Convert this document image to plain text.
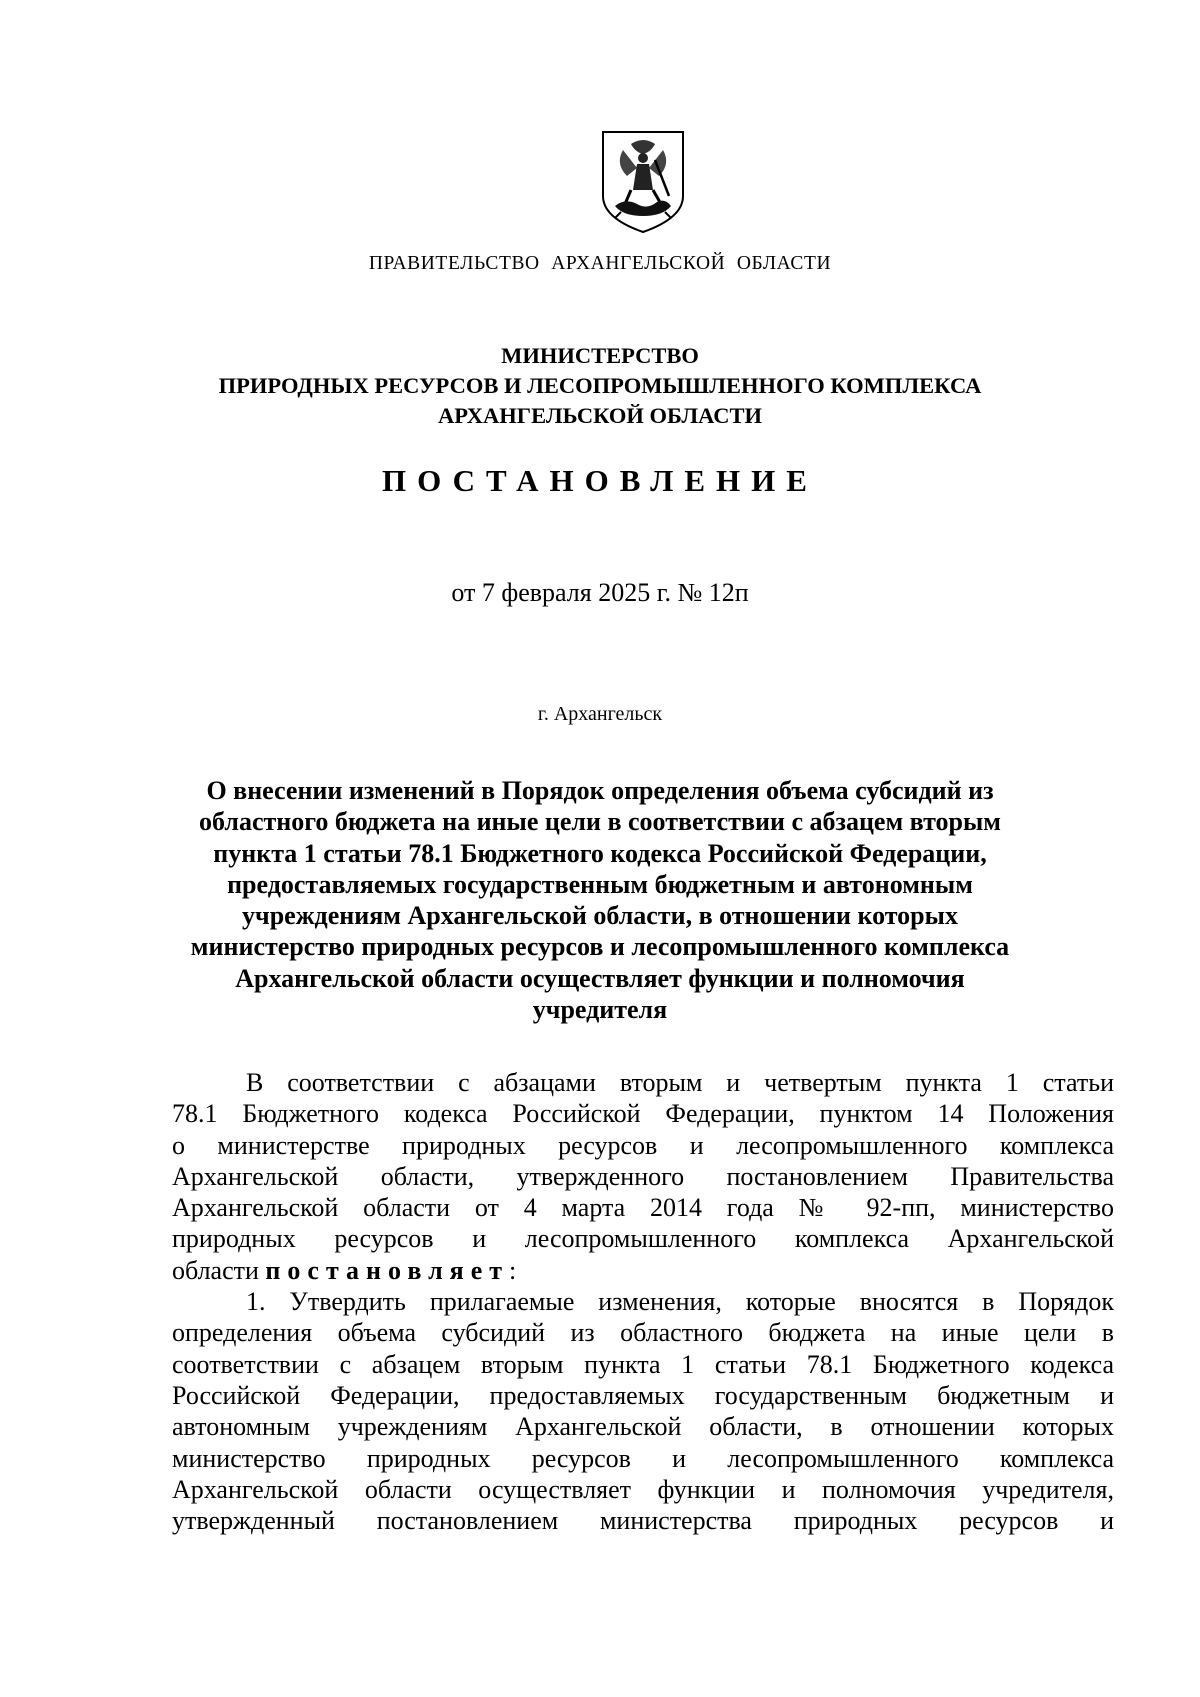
ПРАВИТЕЛЬСТВО АРХАНГЕЛЬСКОЙ ОБЛАСТИ
МИНИСТЕРСТВО
ПРИРОДНЫХ РЕСУРСОВ И ЛЕСОПРОМЫШЛЕННОГО КОМПЛЕКСА
АРХАНГЕЛЬСКОЙ ОБЛАСТИ
ПОСТАНОВЛЕНИЕ
от 7 февраля 2025 г. № 12п
г. Архангельск
О внесении изменений в Порядок определения объема субсидий из
областного бюджета на иные цели в соответствии с абзацем вторым
пункта 1 статьи 78.1 Бюджетного кодекса Российской Федерации,
предоставляемых государственным бюджетным и автономным
учреждениям Архангельской области, в отношении которых
министерство природных ресурсов и лесопромышленного комплекса
Архангельской области осуществляет функции и полномочия
учредителя
В соответствии с абзацами вторым и четвертым пункта 1 статьи
78.1 Бюджетного кодекса Российской Федерации, пунктом 14 Положения
о министерстве природных ресурсов и лесопромышленного комплекса
Архангельской области, утвержденного постановлением Правительства
Архангельской области от 4 марта 2014 года № 92-пп, министерство
природных ресурсов и лесопромышленного комплекса Архангельской
области постановляет:
1. Утвердить прилагаемые изменения, которые вносятся в Порядок
определения объема субсидий из областного бюджета на иные цели в
соответствии с абзацем вторым пункта 1 статьи 78.1 Бюджетного кодекса
Российской Федерации, предоставляемых государственным бюджетным и
автономным учреждениям Архангельской области, в отношении которых
министерство природных ресурсов и лесопромышленного комплекса
Архангельской области осуществляет функции и полномочия учредителя,
утвержденный постановлением министерства природных ресурсов и
